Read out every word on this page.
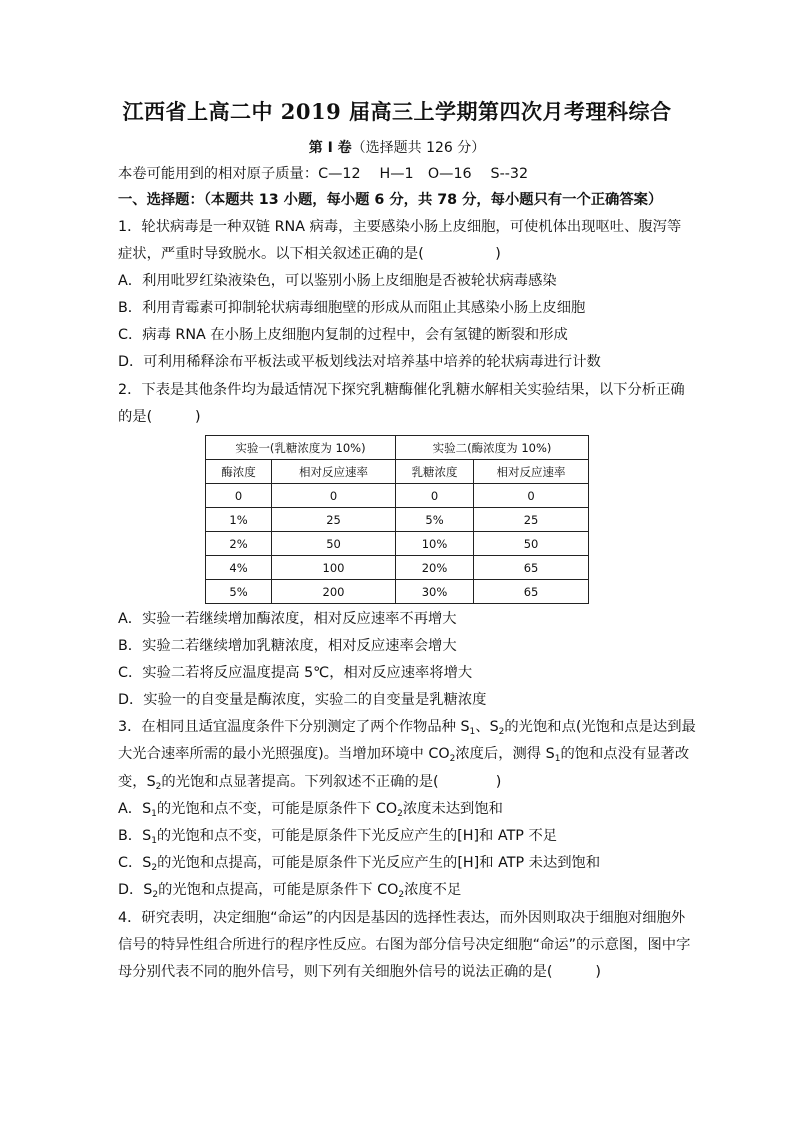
江西省上高二中 2019 届高三上学期第四次月考理科综合
第 I 卷（选择题共 126 分）
本卷可能用到的相对原子质量：C—12　 H—1　O—16　 S--32
一、选择题：（本题共 13 小题，每小题 6 分，共 78 分，每小题只有一个正确答案）
1．轮状病毒是一种双链 RNA 病毒，主要感染小肠上皮细胞，可使机体出现呕吐、腹泻等
症状，严重时导致脱水。以下相关叙述正确的是(　　　　　)
A．利用吡罗红染液染色，可以鉴别小肠上皮细胞是否被轮状病毒感染
B．利用青霉素可抑制轮状病毒细胞壁的形成从而阻止其感染小肠上皮细胞
C．病毒 RNA 在小肠上皮细胞内复制的过程中，会有氢键的断裂和形成
D．可利用稀释涂布平板法或平板划线法对培养基中培养的轮状病毒进行计数
2．下表是其他条件均为最适情况下探究乳糖酶催化乳糖水解相关实验结果，以下分析正确
的是(　　　)
实验一(乳糖浓度为 10%)		实验二(酶浓度为 10%)	
酶浓度	相对反应速率	乳糖浓度	相对反应速率
0	0	0	0
1%	25	5%	25
2%	50	10%	50
4%	100	20%	65
5%	200	30%	65
A．实验一若继续增加酶浓度，相对反应速率不再增大
B．实验二若继续增加乳糖浓度，相对反应速率会增大
C．实验二若将反应温度提高 5℃，相对反应速率将增大
D．实验一的自变量是酶浓度，实验二的自变量是乳糖浓度
3．在相同且适宜温度条件下分别测定了两个作物品种 $S_1$、$S_2$的光饱和点(光饱和点是达到最
大光合速率所需的最小光照强度)。当增加环境中 $CO_2$浓度后，测得 $S_1$的饱和点没有显著改
变，$S_2$的光饱和点显著提高。下列叙述不正确的是(　　　　)
A．$S_1$的光饱和点不变，可能是原条件下 $CO_2$浓度未达到饱和
B．$S_1$的光饱和点不变，可能是原条件下光反应产生的[H]和 ATP 不足
C．$S_2$的光饱和点提高，可能是原条件下光反应产生的[H]和 ATP 未达到饱和
D．$S_2$的光饱和点提高，可能是原条件下 $CO_2$浓度不足
4．研究表明，决定细胞“命运”的内因是基因的选择性表达，而外因则取决于细胞对细胞外
信号的特异性组合所进行的程序性反应。右图为部分信号决定细胞“命运”的示意图，图中字
母分别代表不同的胞外信号，则下列有关细胞外信号的说法正确的是(　　　)
